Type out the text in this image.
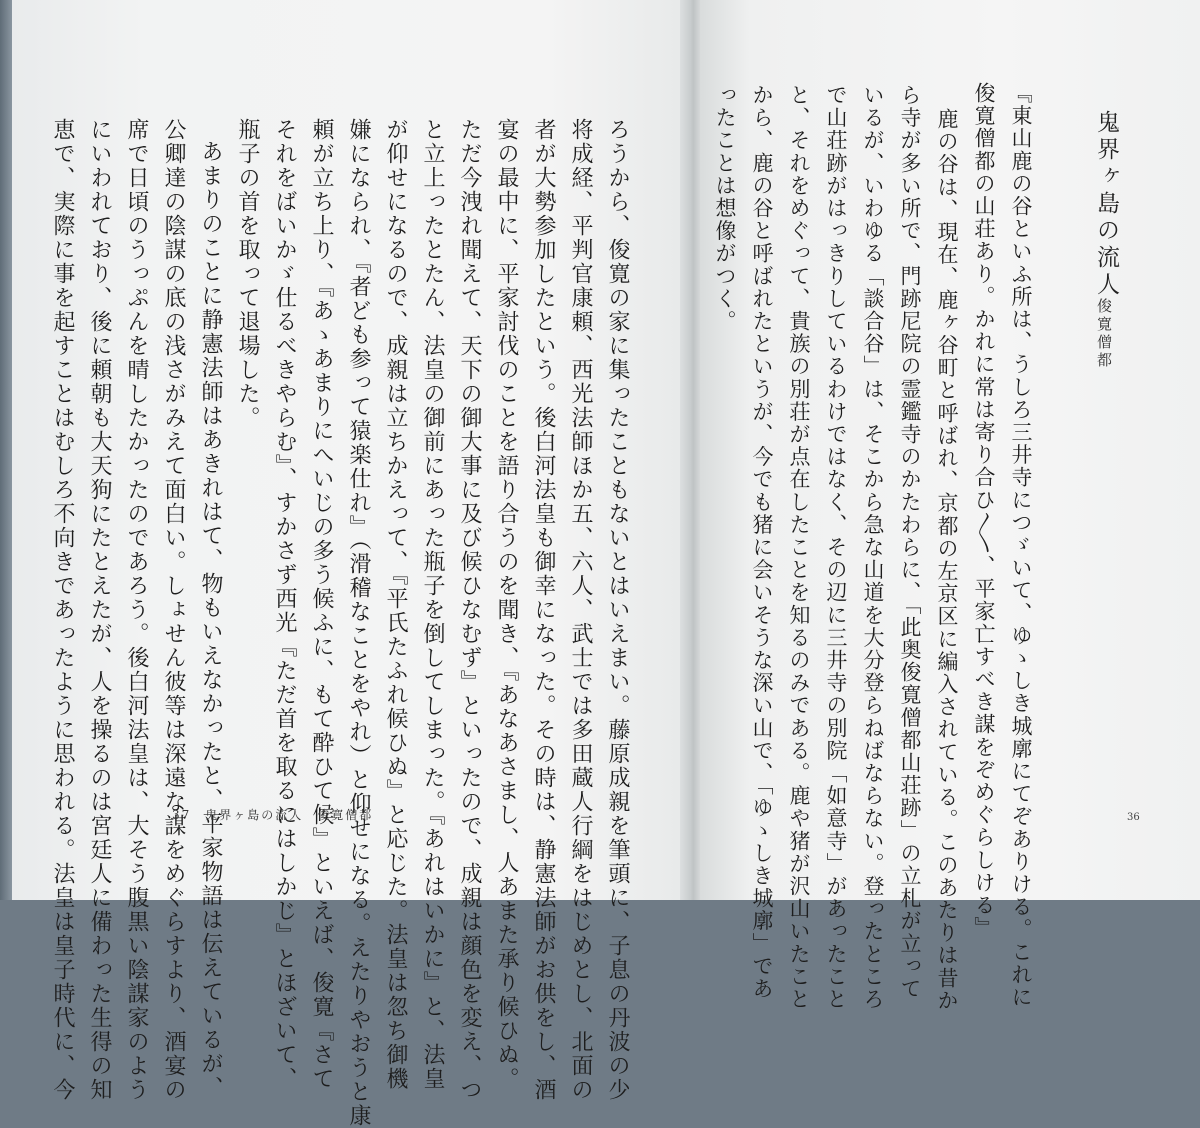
鬼界ヶ島の流人
俊寛僧都
『東山鹿の谷といふ所は、うしろ三井寺につゞいて、ゆゝしき城廓にてぞありける。これに
俊寛僧都の山荘あり。かれに常は寄り合ひ〳〵、平家亡すべき謀をぞめぐらしける』
鹿の谷は、現在、鹿ヶ谷町と呼ばれ、京都の左京区に編入されている。このあたりは昔か
ら寺が多い所で、門跡尼院の霊鑑寺のかたわらに、「此奥俊寛僧都山荘跡」の立札が立って
いるが、いわゆる「談合谷」は、そこから急な山道を大分登らねばならない。登ったところ
で山荘跡がはっきりしているわけではなく、その辺に三井寺の別院「如意寺」があったこと
と、それをめぐって、貴族の別荘が点在したことを知るのみである。鹿や猪が沢山いたこと
から、鹿の谷と呼ばれたというが、今でも猪に会いそうな深い山で、「ゆゝしき城廓」であ
ったことは想像がつく。
ろうから、俊寛の家に集ったこともないとはいえまい。藤原成親を筆頭に、子息の丹波の少
将成経、平判官康頼、西光法師ほか五、六人、武士では多田蔵人行綱をはじめとし、北面の
者が大勢参加したという。後白河法皇も御幸になった。その時は、静憲法師がお供をし、酒
宴の最中に、平家討伐のことを語り合うのを聞き、『あなあさまし、人あまた承り候ひぬ。
ただ今洩れ聞えて、天下の御大事に及び候ひなむず』といったので、成親は顔色を変え、つ
と立上ったとたん、法皇の御前にあった瓶子を倒してしまった。『あれはいかに』と、法皇
が仰せになるので、成親は立ちかえって、『平氏たふれ候ひぬ』と応じた。法皇は忽ち御機
嫌になられ、『者ども参って猿楽仕れ』（滑稽なことをやれ）と仰せになる。えたりやおうと康
頼が立ち上り、『あゝあまりにへいじの多う候ふに、もて酔ひて候』といえば、俊寛『さて
それをばいかゞ仕るべきやらむ』、すかさず西光『ただ首を取るにはしかじ』とほざいて、
瓶子の首を取って退場した。
あまりのことに静憲法師はあきれはて、物もいえなかったと、平家物語は伝えているが、
公卿達の陰謀の底の浅さがみえて面白い。しょせん彼等は深遠な謀をめぐらすより、酒宴の
席で日頃のうっぷんを晴したかったのであろう。後白河法皇は、大そう腹黒い陰謀家のよう
にいわれており、後に頼朝も大天狗にたとえたが、人を操るのは宮廷人に備わった生得の知
恵で、実際に事を起すことはむしろ不向きであったように思われる。法皇は皇子時代に、今	37　鬼界ヶ島の流人　俊寛僧都	36
